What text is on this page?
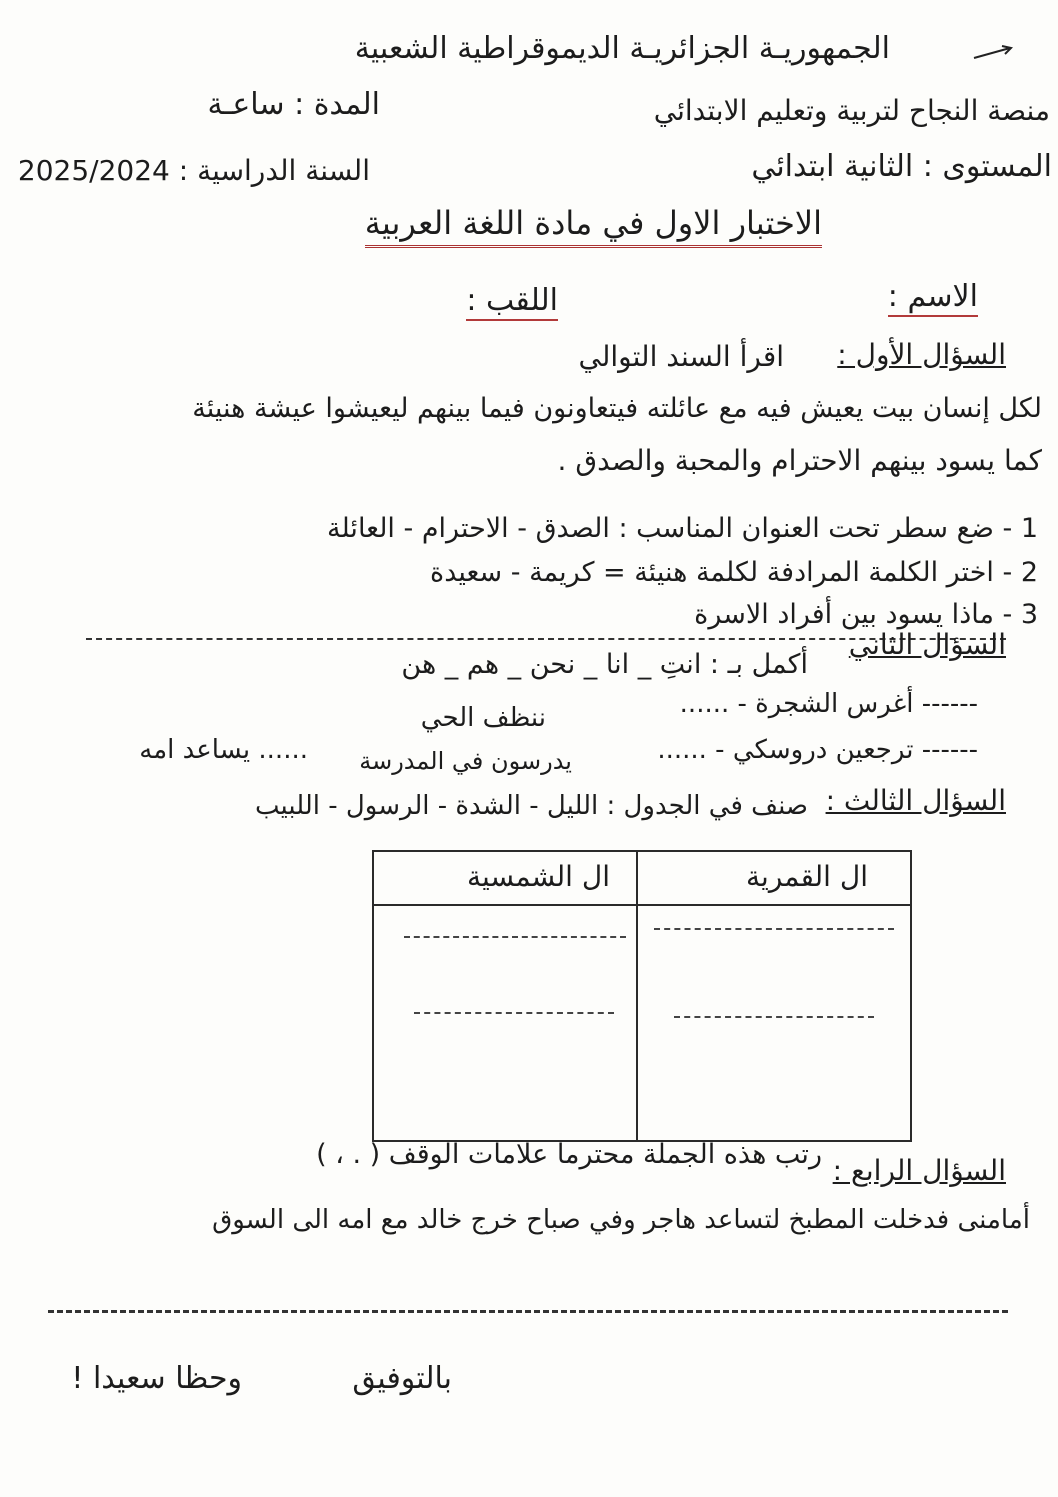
الجمهوريـة الجزائريـة الديموقراطية الشعبية
منصة النجاح لتربية وتعليم الابتدائي
المدة : ساعـة
المستوى : الثانية ابتدائي
السنة الدراسية : 2025/2024
الاختبار الاول في مادة اللغة العربية
الاسم :
اللقب :
السؤال الأول :
اقرأ السند التوالي
لكل إنسان بيت يعيش فيه مع عائلته فيتعاونون فيما بينهم ليعيشوا عيشة هنيئة
كما يسود بينهم الاحترام والمحبة والصدق .
1 - ضع سطر تحت العنوان المناسب : الصدق - الاحترام - العائلة
2 - اختر الكلمة المرادفة لكلمة هنيئة = كريمة - سعيدة
3 - ماذا يسود بين أفراد الاسرة
السؤال الثاني
أكمل بـ : انتِ _ انا _ نحن _ هم _ هن
------ أغرس الشجرة - ......
ننظف الحي
------ ترجعين دروسكي - ......
يدرسون في المدرسة
...... يساعد امه
السؤال الثالث :
صنف في الجدول : الليل - الشدة - الرسول - اللبيب
ال القمرية
ال الشمسية
السؤال الرابع :
رتب هذه الجملة محترما علامات الوقف ( . ، )
أمامنى فدخلت المطبخ لتساعد هاجر وفي صباح خرج خالد مع امه الى السوق
بالتوفيق
وحظا سعيدا !
